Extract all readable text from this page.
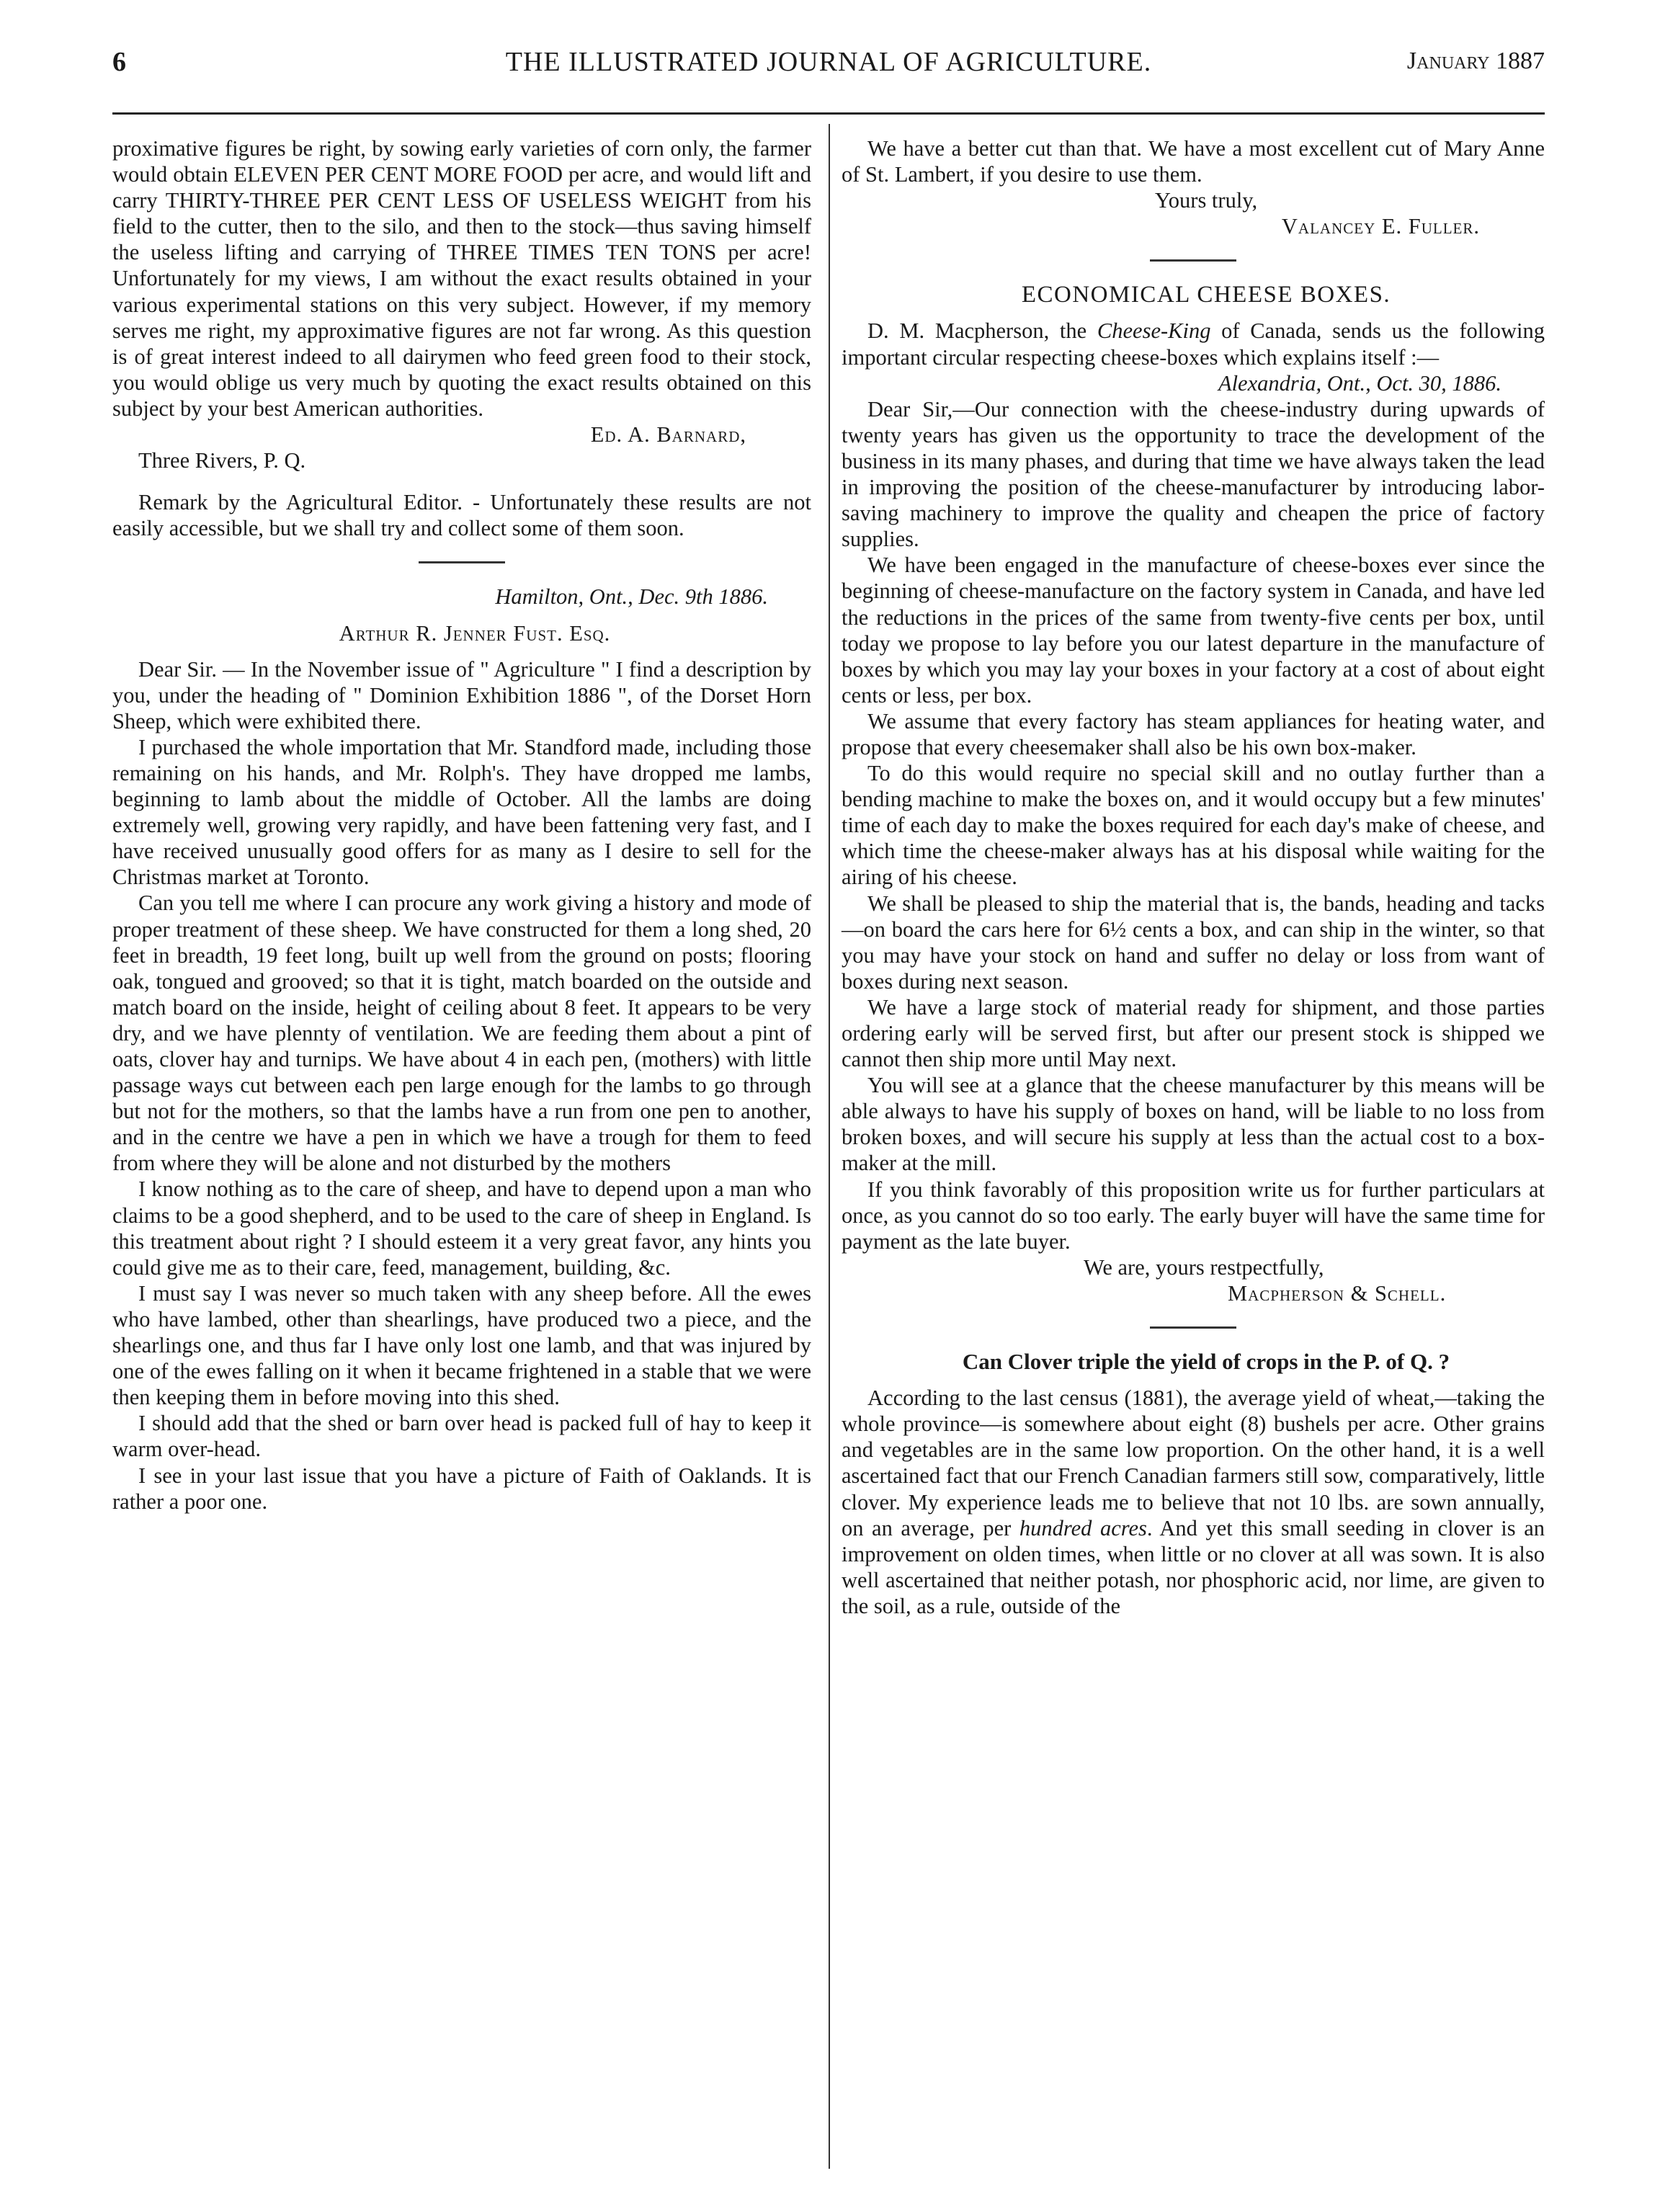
6	THE ILLUSTRATED JOURNAL OF AGRICULTURE.	January 1887

proximative figures be right, by sowing early varieties of corn only, the farmer would obtain ELEVEN PER CENT MORE FOOD per acre, and would lift and carry THIRTY-THREE PER CENT LESS OF USELESS WEIGHT from his field to the cutter, then to the silo, and then to the stock—thus saving himself the useless lifting and carrying of THREE TIMES TEN TONS per acre! Unfortunately for my views, I am without the exact results obtained in your various experimental stations on this very subject. However, if my memory serves me right, my approximative figures are not far wrong. As this question is of great interest indeed to all dairymen who feed green food to their stock, you would oblige us very much by quoting the exact results obtained on this subject by your best American authorities.

Ed. A. Barnard,

Three Rivers, P. Q.

Remark by the Agricultural Editor. - Unfortunately these results are not easily accessible, but we shall try and collect some of them soon.

Hamilton, Ont., Dec. 9th 1886.

Arthur R. Jenner Fust. Esq.

Dear Sir. — In the November issue of " Agriculture " I find a description by you, under the heading of " Dominion Exhibition 1886 ", of the Dorset Horn Sheep, which were exhibited there.

I purchased the whole importation that Mr. Standford made, including those remaining on his hands, and Mr. Rolph's. They have dropped me lambs, beginning to lamb about the middle of October. All the lambs are doing extremely well, growing very rapidly, and have been fattening very fast, and I have received unusually good offers for as many as I desire to sell for the Christmas market at Toronto.

Can you tell me where I can procure any work giving a history and mode of proper treatment of these sheep. We have constructed for them a long shed, 20 feet in breadth, 19 feet long, built up well from the ground on posts; flooring oak, tongued and grooved; so that it is tight, match boarded on the outside and match board on the inside, height of ceiling about 8 feet. It appears to be very dry, and we have plennty of ventilation. We are feeding them about a pint of oats, clover hay and turnips. We have about 4 in each pen, (mothers) with little passage ways cut between each pen large enough for the lambs to go through but not for the mothers, so that the lambs have a run from one pen to another, and in the centre we have a pen in which we have a trough for them to feed from where they will be alone and not disturbed by the mothers

I know nothing as to the care of sheep, and have to depend upon a man who claims to be a good shepherd, and to be used to the care of sheep in England. Is this treatment about right ? I should esteem it a very great favor, any hints you could give me as to their care, feed, management, building, &c.

I must say I was never so much taken with any sheep before. All the ewes who have lambed, other than shearlings, have produced two a piece, and the shearlings one, and thus far I have only lost one lamb, and that was injured by one of the ewes falling on it when it became frightened in a stable that we were then keeping them in before moving into this shed.

I should add that the shed or barn over head is packed full of hay to keep it warm over-head.

I see in your last issue that you have a picture of Faith of Oaklands. It is rather a poor one.

We have a better cut than that. We have a most excellent cut of Mary Anne of St. Lambert, if you desire to use them.

Yours truly,

Valancey E. Fuller.

ECONOMICAL CHEESE BOXES.

D. M. Macpherson, the Cheese-King of Canada, sends us the following important circular respecting cheese-boxes which explains itself :—

Alexandria, Ont., Oct. 30, 1886.

Dear Sir,—Our connection with the cheese-industry during upwards of twenty years has given us the opportunity to trace the development of the business in its many phases, and during that time we have always taken the lead in improving the position of the cheese-manufacturer by introducing labor-saving machinery to improve the quality and cheapen the price of factory supplies.

We have been engaged in the manufacture of cheese-boxes ever since the beginning of cheese-manufacture on the factory system in Canada, and have led the reductions in the prices of the same from twenty-five cents per box, until today we propose to lay before you our latest departure in the manufacture of boxes by which you may lay your boxes in your factory at a cost of about eight cents or less, per box.

We assume that every factory has steam appliances for heating water, and propose that every cheesemaker shall also be his own box-maker.

To do this would require no special skill and no outlay further than a bending machine to make the boxes on, and it would occupy but a few minutes' time of each day to make the boxes required for each day's make of cheese, and which time the cheese-maker always has at his disposal while waiting for the airing of his cheese.

We shall be pleased to ship the material that is, the bands, heading and tacks—on board the cars here for 6½ cents a box, and can ship in the winter, so that you may have your stock on hand and suffer no delay or loss from want of boxes during next season.

We have a large stock of material ready for shipment, and those parties ordering early will be served first, but after our present stock is shipped we cannot then ship more until May next.

You will see at a glance that the cheese manufacturer by this means will be able always to have his supply of boxes on hand, will be liable to no loss from broken boxes, and will secure his supply at less than the actual cost to a box-maker at the mill.

If you think favorably of this proposition write us for further particulars at once, as you cannot do so too early. The early buyer will have the same time for payment as the late buyer.

We are, yours restpectfully,

Macpherson & Schell.

Can Clover triple the yield of crops in the P. of Q. ?

According to the last census (1881), the average yield of wheat,—taking the whole province—is somewhere about eight (8) bushels per acre. Other grains and vegetables are in the same low proportion. On the other hand, it is a well ascertained fact that our French Canadian farmers still sow, comparatively, little clover. My experience leads me to believe that not 10 lbs. are sown annually, on an average, per hundred acres. And yet this small seeding in clover is an improvement on olden times, when little or no clover at all was sown. It is also well ascertained that neither potash, nor phosphoric acid, nor lime, are given to the soil, as a rule, outside of the
